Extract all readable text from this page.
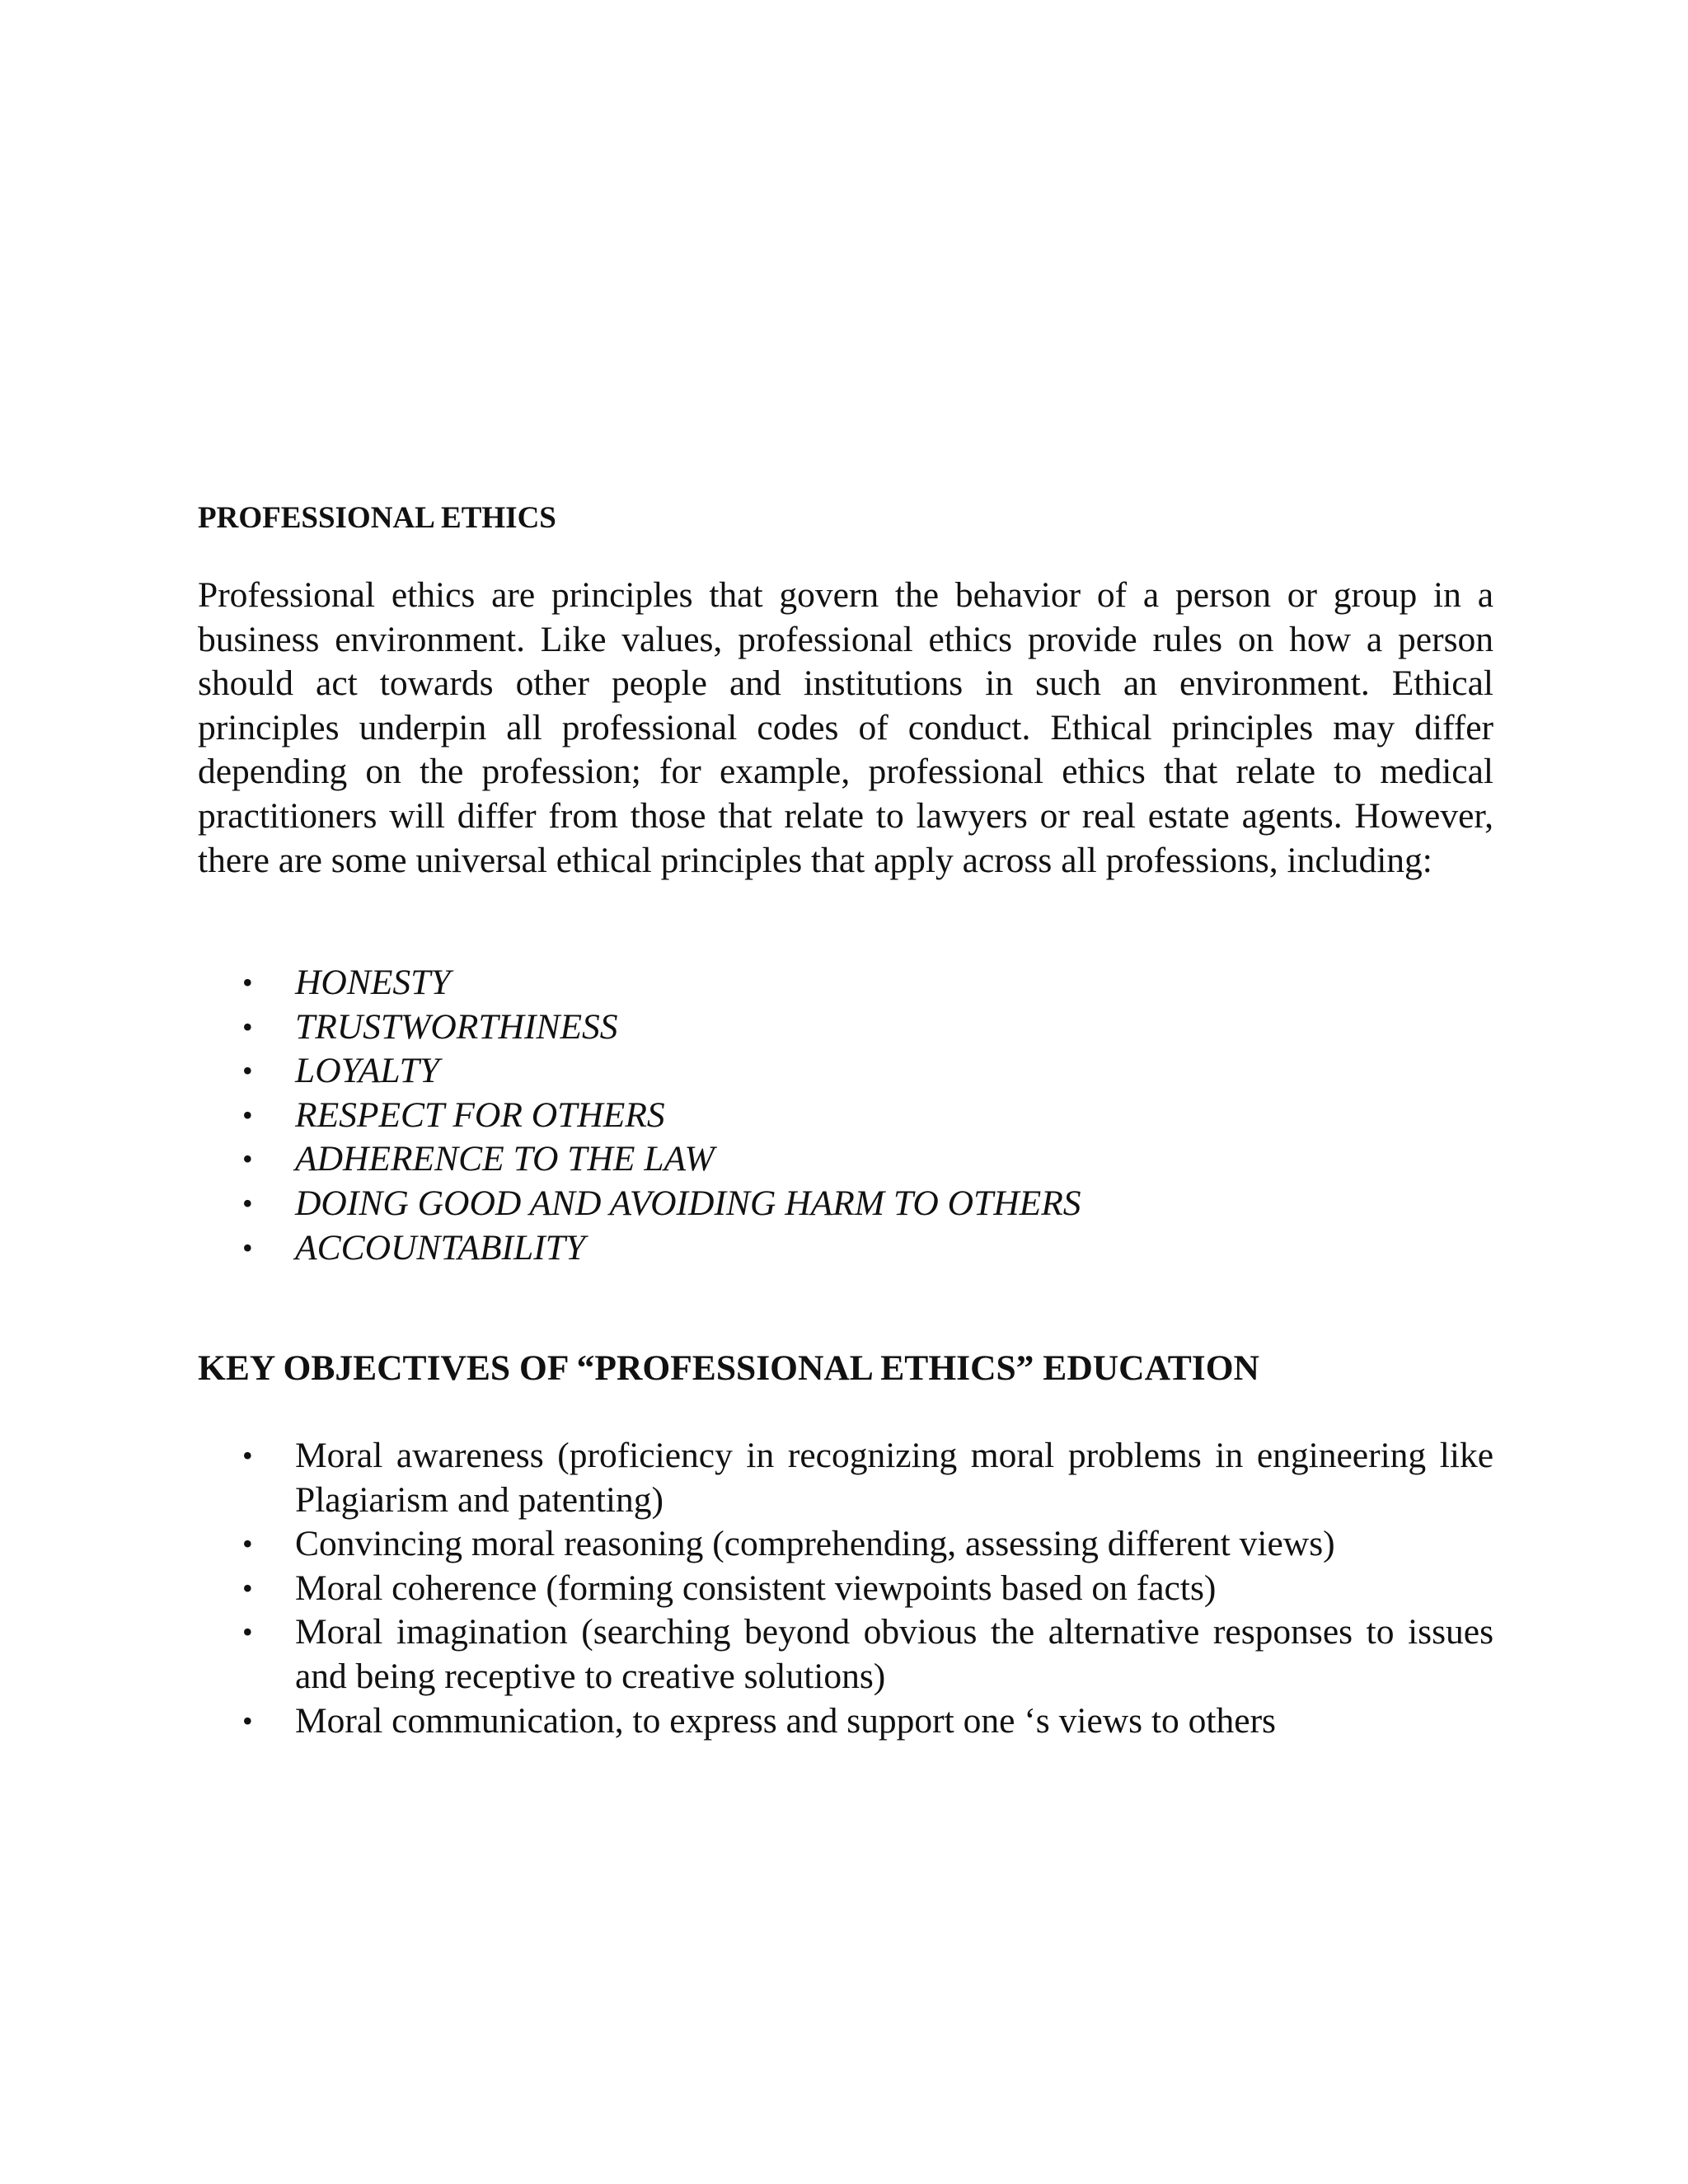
PROFESSIONAL ETHICS

Professional ethics are principles that govern the behavior of a person or group in a business environment. Like values, professional ethics provide rules on how a person should act towards other people and institutions in such an environment. Ethical principles underpin all professional codes of conduct. Ethical principles may differ depending on the profession; for example, professional ethics that relate to medical practitioners will differ from those that relate to lawyers or real estate agents. However, there are some universal ethical principles that apply across all professions, including:

• HONESTY
• TRUSTWORTHINESS
• LOYALTY
• RESPECT FOR OTHERS
• ADHERENCE TO THE LAW
• DOING GOOD AND AVOIDING HARM TO OTHERS
• ACCOUNTABILITY
KEY OBJECTIVES OF “PROFESSIONAL ETHICS” EDUCATION
• Moral awareness (proficiency in recognizing moral problems in engineering like Plagiarism and patenting)
• Convincing moral reasoning (comprehending, assessing different views)
• Moral coherence (forming consistent viewpoints based on facts)
• Moral imagination (searching beyond obvious the alternative responses to issues and being receptive to creative solutions)
• Moral communication, to express and support one ‘s views to others
